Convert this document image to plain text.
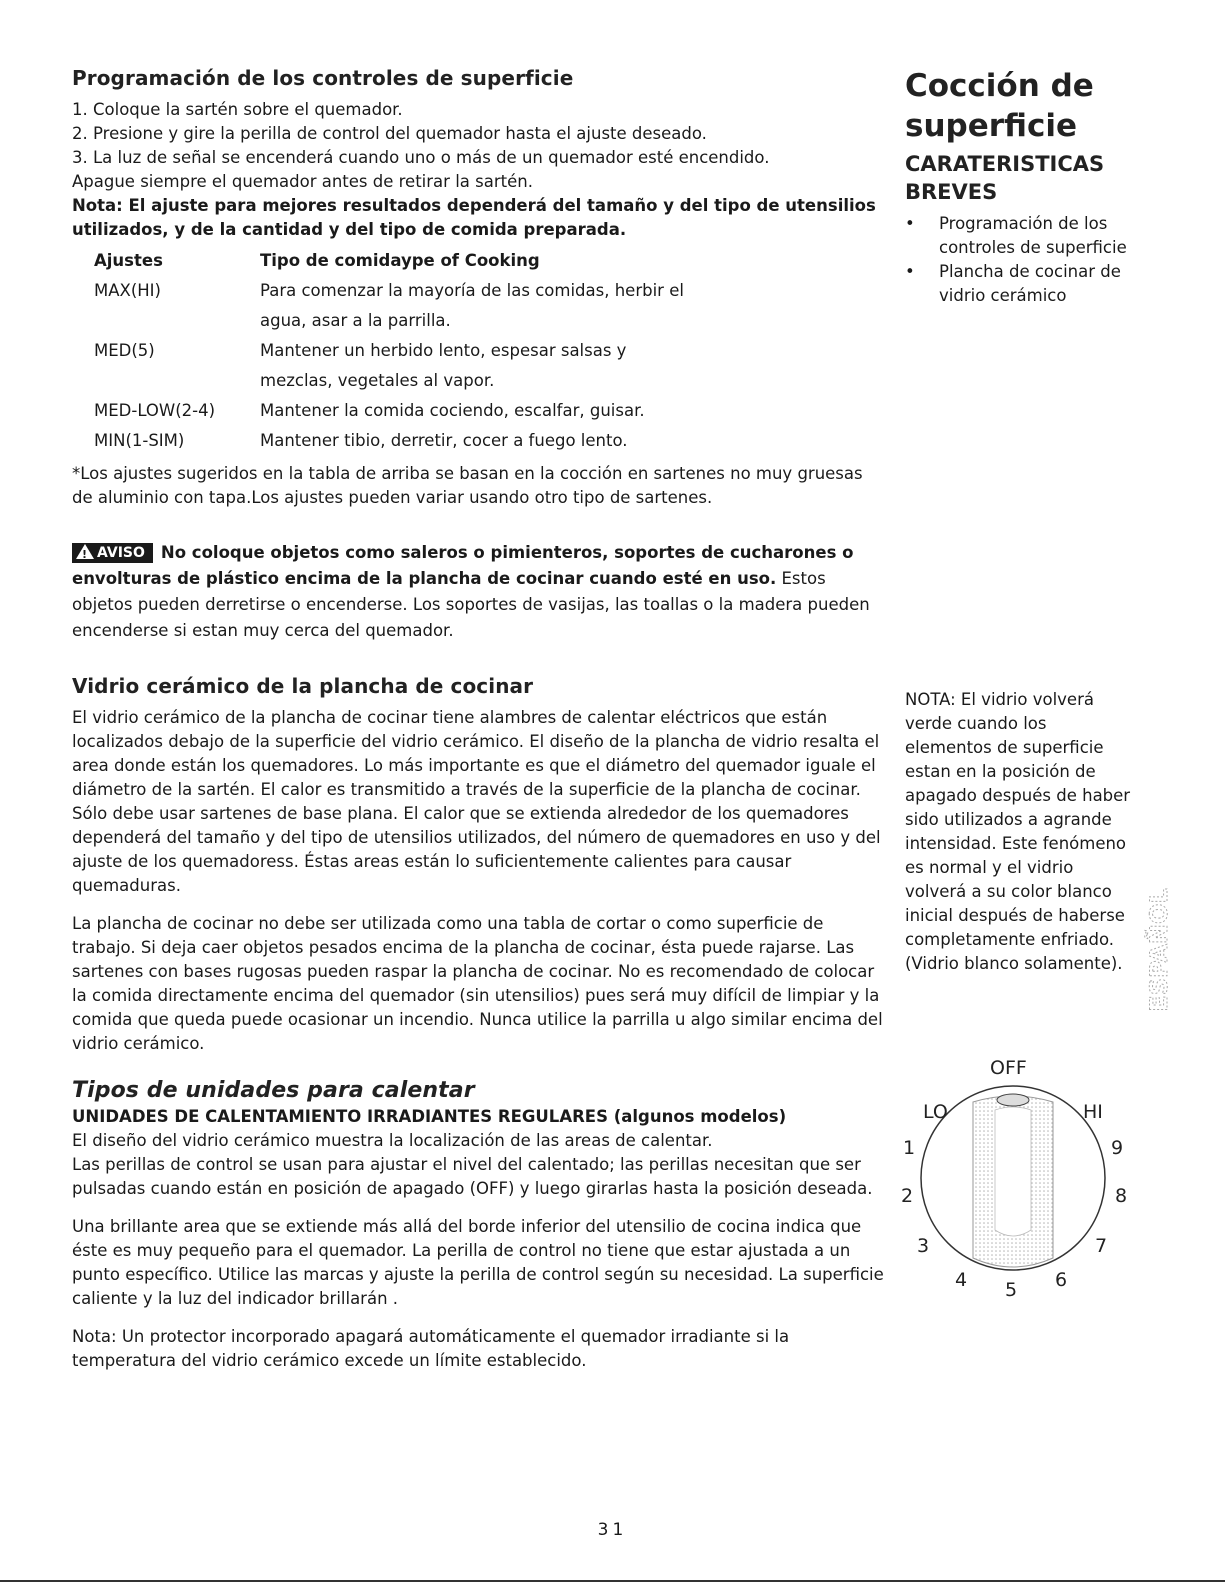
Programación de los controles de superficie
1. Coloque la sartén sobre el quemador.
2. Presione y gire la perilla de control del quemador hasta el ajuste deseado.
3. La luz de señal se encenderá cuando uno o más de un quemador esté encendido.
Apague siempre el quemador antes de retirar la sartén.

Nota: El ajuste para mejores resultados dependerá del tamaño y del tipo de utensilios utilizados, y de la cantidad y del tipo de comida preparada.

Ajustes	Tipo de comidaype of Cooking
MAX(HI)	Para comenzar la mayoría de las comidas, herbir el
agua, asar a la parrilla.
MED(5)	Mantener un herbido lento, espesar salsas y
mezclas, vegetales al vapor.
MED-LOW(2-4)	Mantener la comida cociendo, escalfar, guisar.
MIN(1-SIM)	Mantener tibio, derretir, cocer a fuego lento.

*Los ajustes sugeridos en la tabla de arriba se basan en la cocción en sartenes no muy gruesas de aluminio con tapa.Los ajustes pueden variar usando otro tipo de sartenes.

!AVISO No coloque objetos como saleros o pimienteros, soportes de cucharones o envolturas de plástico encima de la plancha de cocinar cuando esté en uso. Estos objetos pueden derretirse o encenderse. Los soportes de vasijas, las toallas o la madera pueden encenderse si estan muy cerca del quemador.

Vidrio cerámico de la plancha de cocinar

El vidrio cerámico de la plancha de cocinar tiene alambres de calentar eléctricos que están localizados debajo de la superficie del vidrio cerámico. El diseño de la plancha de vidrio resalta el area donde están los quemadores. Lo más importante es que el diámetro del quemador iguale el diámetro de la sartén. El calor es transmitido a través de la superficie de la plancha de cocinar. Sólo debe usar sartenes de base plana. El calor que se extienda alrededor de los quemadores dependerá del tamaño y del tipo de utensilios utilizados, del número de quemadores en uso y del ajuste de los quemadoress. Éstas areas están lo suficientemente calientes para causar quemaduras.

La plancha de cocinar no debe ser utilizada como una tabla de cortar o como superficie de trabajo. Si deja caer objetos pesados encima de la plancha de cocinar, ésta puede rajarse. Las sartenes con bases rugosas pueden raspar la plancha de cocinar. No es recomendado de colocar la comida directamente encima del quemador (sin utensilios) pues será muy difícil de limpiar y la comida que queda puede ocasionar un incendio. Nunca utilice la parrilla u algo similar encima del vidrio cerámico.

Tipos de unidades para calentar

UNIDADES DE CALENTAMIENTO IRRADIANTES REGULARES (algunos modelos)

El diseño del vidrio cerámico muestra la localización de las areas de calentar.

Las perillas de control se usan para ajustar el nivel del calentado; las perillas necesitan que ser pulsadas cuando están en posición de apagado (OFF) y luego girarlas hasta la posición deseada.

Una brillante area que se extiende más allá del borde inferior del utensilio de cocina indica que éste es muy pequeño para el quemador. La perilla de control no tiene que estar ajustada a un punto específico. Utilice las marcas y ajuste la perilla de control según su necesidad. La superficie caliente y la luz del indicador brillarán .

Nota: Un protector incorporado apagará automáticamente el quemador irradiante si la temperatura del vidrio cerámico excede un límite establecido.

Cocción de superficie
CARATERISTICAS BREVES
• Programación de los controles de superficie
• Plancha de cocinar de vidrio cerámico
NOTA: El vidrio volverá verde cuando los elementos de superficie estan en la posición de apagado después de haber sido utilizados a agrande intensidad. Este fenómeno es normal y el vidrio volverá a su color blanco inicial después de haberse completamente enfriado. (Vidrio blanco solamente).
OFF
LO	HI
1
2
3
4 5 6
7
8
9
ESPAÑOL
31
